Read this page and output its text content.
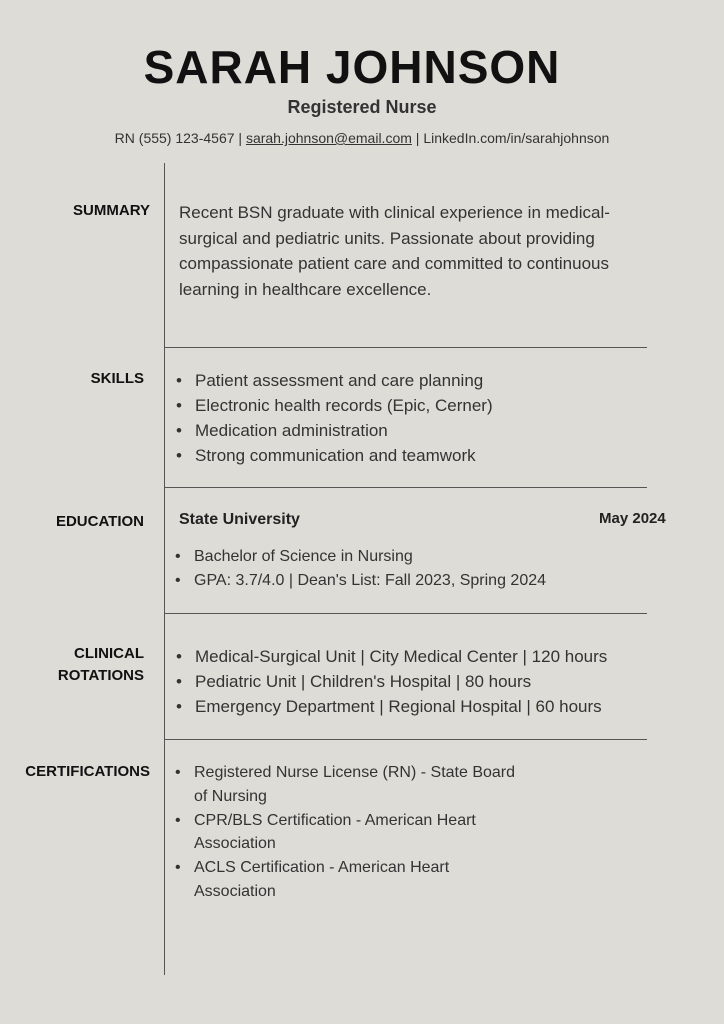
SARAH JOHNSON
Registered Nurse
RN (555) 123-4567 | sarah.johnson@email.com | LinkedIn.com/in/sarahjohnson
SUMMARY Recent BSN graduate with clinical experience in medical-surgical and pediatric units. Passionate about providing compassionate patient care and committed to continuous learning in healthcare excellence.
SKILLS	• Patient assessment and care planning
• Electronic health records (Epic, Cerner)
• Medication administration
• Strong communication and teamwork
EDUCATION State University	May 2024
• Bachelor of Science in Nursing
• GPA: 3.7/4.0 | Dean's List: Fall 2023, Spring 2024
CLINICAL
ROTATIONS
• Medical-Surgical Unit | City Medical Center | 120 hours
• Pediatric Unit | Children's Hospital | 80 hours
• Emergency Department | Regional Hospital | 60 hours
CERTIFICATIONS	• Registered Nurse License (RN) - State Board of Nursing
• CPR/BLS Certification - American Heart Association
• ACLS Certification - American Heart Association
